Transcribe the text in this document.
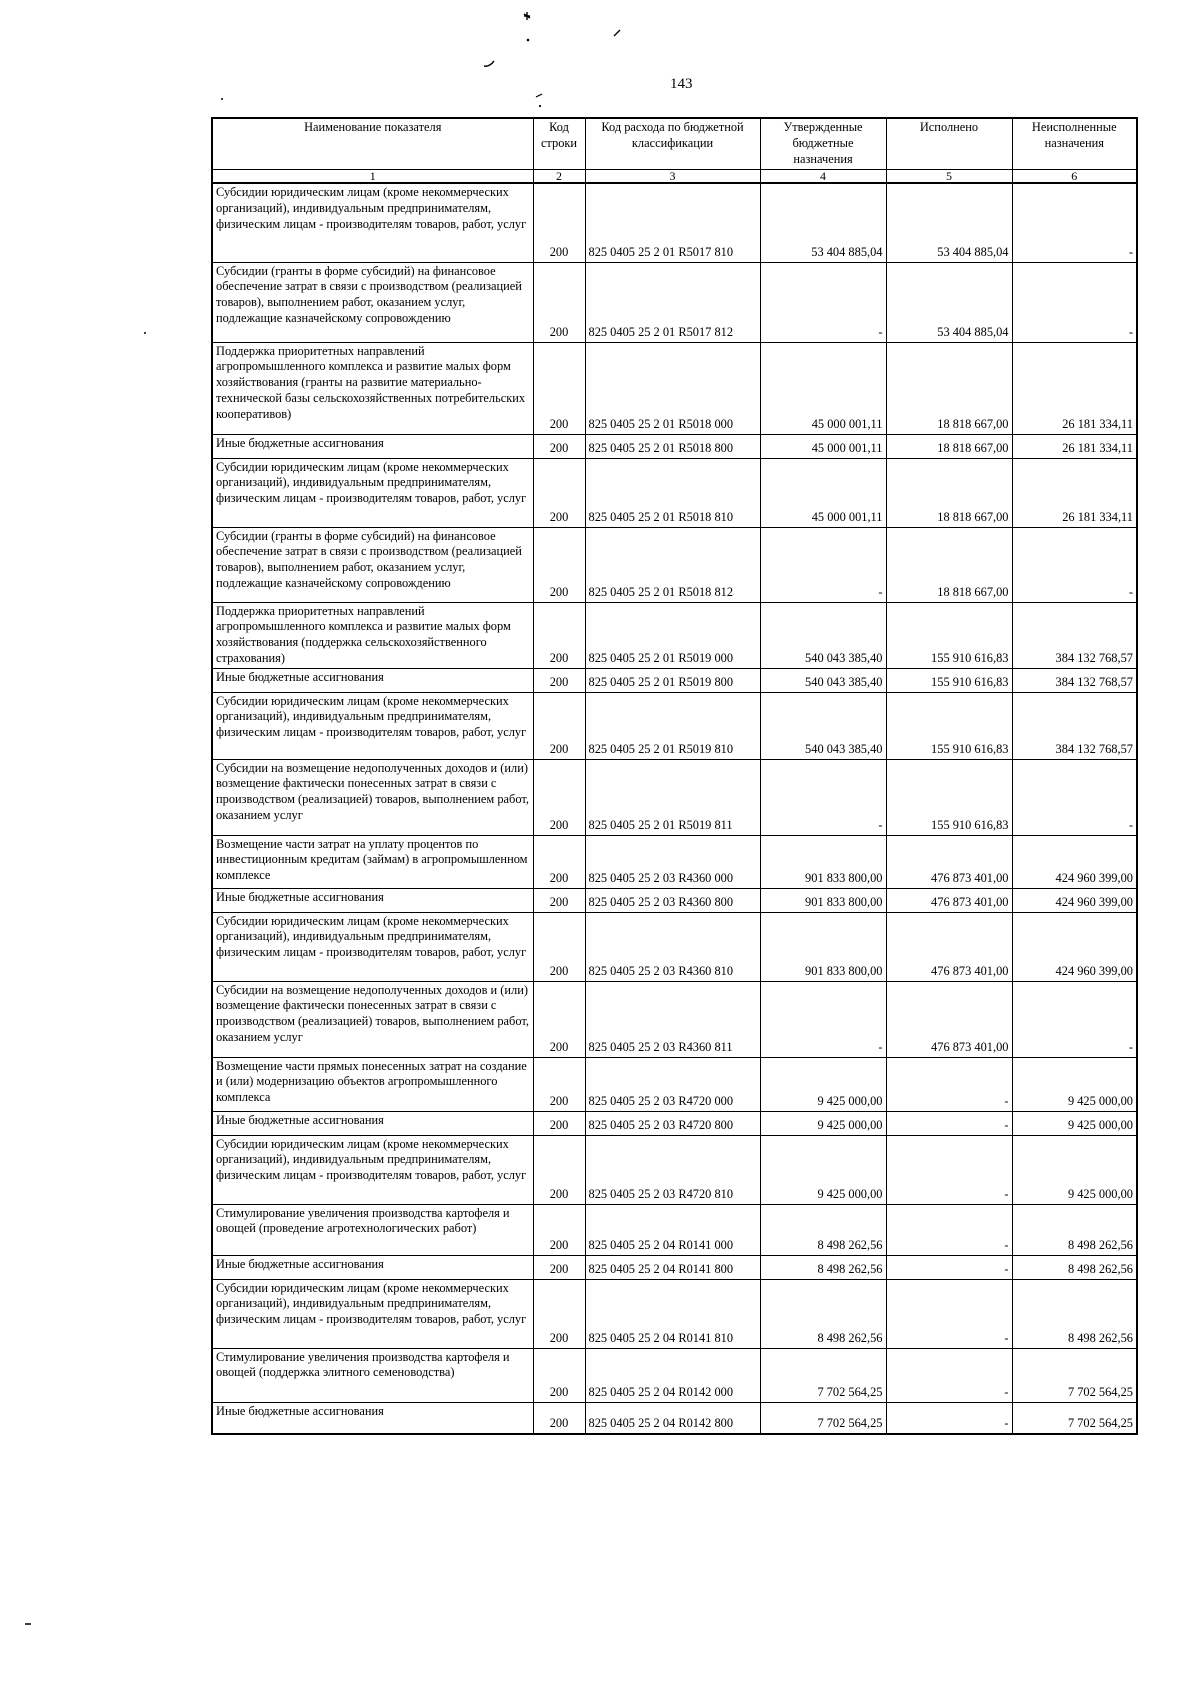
143
Наименование показателя	Код строки	Код расхода по бюджетной классификации	Утвержденные бюджетные назначения	Исполнено	Неисполненные назначения
1	2	3	4	5	6
Субсидии юридическим лицам (кроме некоммерческих организаций), индивидуальным предпринимателям, физическим лицам - производителям товаров, работ, услуг	200	825 0405 25 2 01 R5017 810	53 404 885,04	53 404 885,04	-
Субсидии (гранты в форме субсидий) на финансовое обеспечение затрат в связи с производством (реализацией товаров), выполнением работ, оказанием услуг, подлежащие казначейскому сопровождению	200	825 0405 25 2 01 R5017 812	-	53 404 885,04	-
Поддержка приоритетных направлений агропромышленного комплекса и развитие малых форм хозяйствования (гранты на развитие материально-технической базы сельскохозяйственных потребительских кооперативов)	200	825 0405 25 2 01 R5018 000	45 000 001,11	18 818 667,00	26 181 334,11
Иные бюджетные ассигнования	200	825 0405 25 2 01 R5018 800	45 000 001,11	18 818 667,00	26 181 334,11
Субсидии юридическим лицам (кроме некоммерческих организаций), индивидуальным предпринимателям, физическим лицам - производителям товаров, работ, услуг	200	825 0405 25 2 01 R5018 810	45 000 001,11	18 818 667,00	26 181 334,11
Субсидии (гранты в форме субсидий) на финансовое обеспечение затрат в связи с производством (реализацией товаров), выполнением работ, оказанием услуг, подлежащие казначейскому сопровождению	200	825 0405 25 2 01 R5018 812	-	18 818 667,00	-
Поддержка приоритетных направлений агропромышленного комплекса и развитие малых форм хозяйствования (поддержка сельскохозяйственного страхования)	200	825 0405 25 2 01 R5019 000	540 043 385,40	155 910 616,83	384 132 768,57
Иные бюджетные ассигнования	200	825 0405 25 2 01 R5019 800	540 043 385,40	155 910 616,83	384 132 768,57
Субсидии юридическим лицам (кроме некоммерческих организаций), индивидуальным предпринимателям, физическим лицам - производителям товаров, работ, услуг	200	825 0405 25 2 01 R5019 810	540 043 385,40	155 910 616,83	384 132 768,57
Субсидии на возмещение недополученных доходов и (или) возмещение фактически понесенных затрат в связи с производством (реализацией) товаров, выполнением работ, оказанием услуг	200	825 0405 25 2 01 R5019 811	-	155 910 616,83	-
Возмещение части затрат на уплату процентов по инвестиционным кредитам (займам) в агропромышленном комплексе	200	825 0405 25 2 03 R4360 000	901 833 800,00	476 873 401,00	424 960 399,00
Иные бюджетные ассигнования	200	825 0405 25 2 03 R4360 800	901 833 800,00	476 873 401,00	424 960 399,00
Субсидии юридическим лицам (кроме некоммерческих организаций), индивидуальным предпринимателям, физическим лицам - производителям товаров, работ, услуг	200	825 0405 25 2 03 R4360 810	901 833 800,00	476 873 401,00	424 960 399,00
Субсидии на возмещение недополученных доходов и (или) возмещение фактически понесенных затрат в связи с производством (реализацией) товаров, выполнением работ, оказанием услуг	200	825 0405 25 2 03 R4360 811	-	476 873 401,00	-
Возмещение части прямых понесенных затрат на создание и (или) модернизацию объектов агропромышленного комплекса	200	825 0405 25 2 03 R4720 000	9 425 000,00	-	9 425 000,00
Иные бюджетные ассигнования	200	825 0405 25 2 03 R4720 800	9 425 000,00	-	9 425 000,00
Субсидии юридическим лицам (кроме некоммерческих организаций), индивидуальным предпринимателям, физическим лицам - производителям товаров, работ, услуг	200	825 0405 25 2 03 R4720 810	9 425 000,00	-	9 425 000,00
Стимулирование увеличения производства картофеля и овощей (проведение агротехнологических работ)	200	825 0405 25 2 04 R0141 000	8 498 262,56	-	8 498 262,56
Иные бюджетные ассигнования	200	825 0405 25 2 04 R0141 800	8 498 262,56	-	8 498 262,56
Субсидии юридическим лицам (кроме некоммерческих организаций), индивидуальным предпринимателям, физическим лицам - производителям товаров, работ, услуг	200	825 0405 25 2 04 R0141 810	8 498 262,56	-	8 498 262,56
Стимулирование увеличения производства картофеля и овощей (поддержка элитного семеноводства)	200	825 0405 25 2 04 R0142 000	7 702 564,25	-	7 702 564,25
Иные бюджетные ассигнования	200	825 0405 25 2 04 R0142 800	7 702 564,25	-	7 702 564,25
